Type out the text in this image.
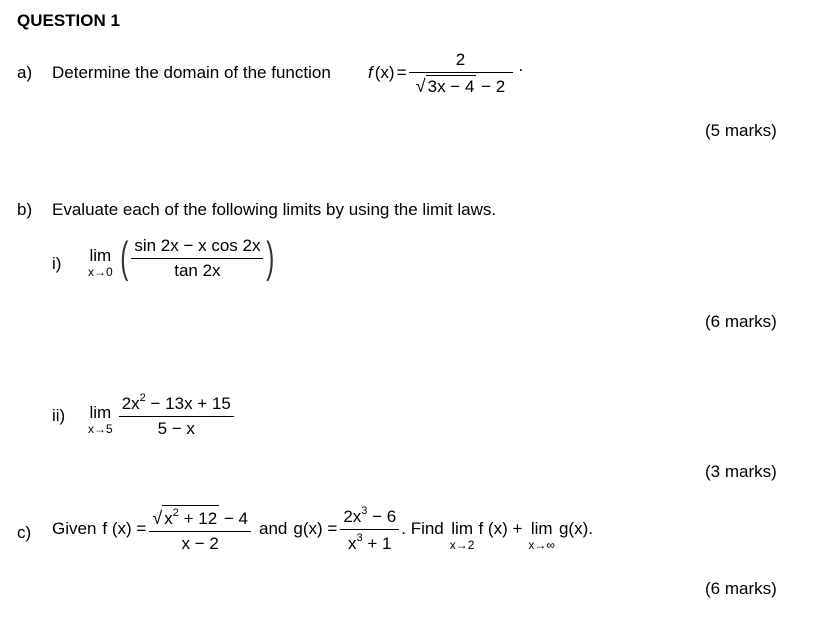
QUESTION 1
a) Determine the domain of the function f $(x) = \frac{2}{√ 3x - 4 - 2}$ .
(5 marks)
b) Evaluate each of the following limits by using the limit laws.
i) lim
x→0 ( $\frac{\text{sin 2x − x cos 2x}}{\tan 2x}$ )
(6 marks)
ii) lim
$x\to 5 \frac{2x^2 - 13x + 15}{5 - x}$
(3 marks)
c) Given f $(x) = \frac{√ x^2 + 12 - 4}{x - 2}$ and $g(x) = \frac{2x^3 - 6}{x^3 + 1}$ . Find lim
x→2
f (x) + lim
x→∞
g(x).
(6 marks)
